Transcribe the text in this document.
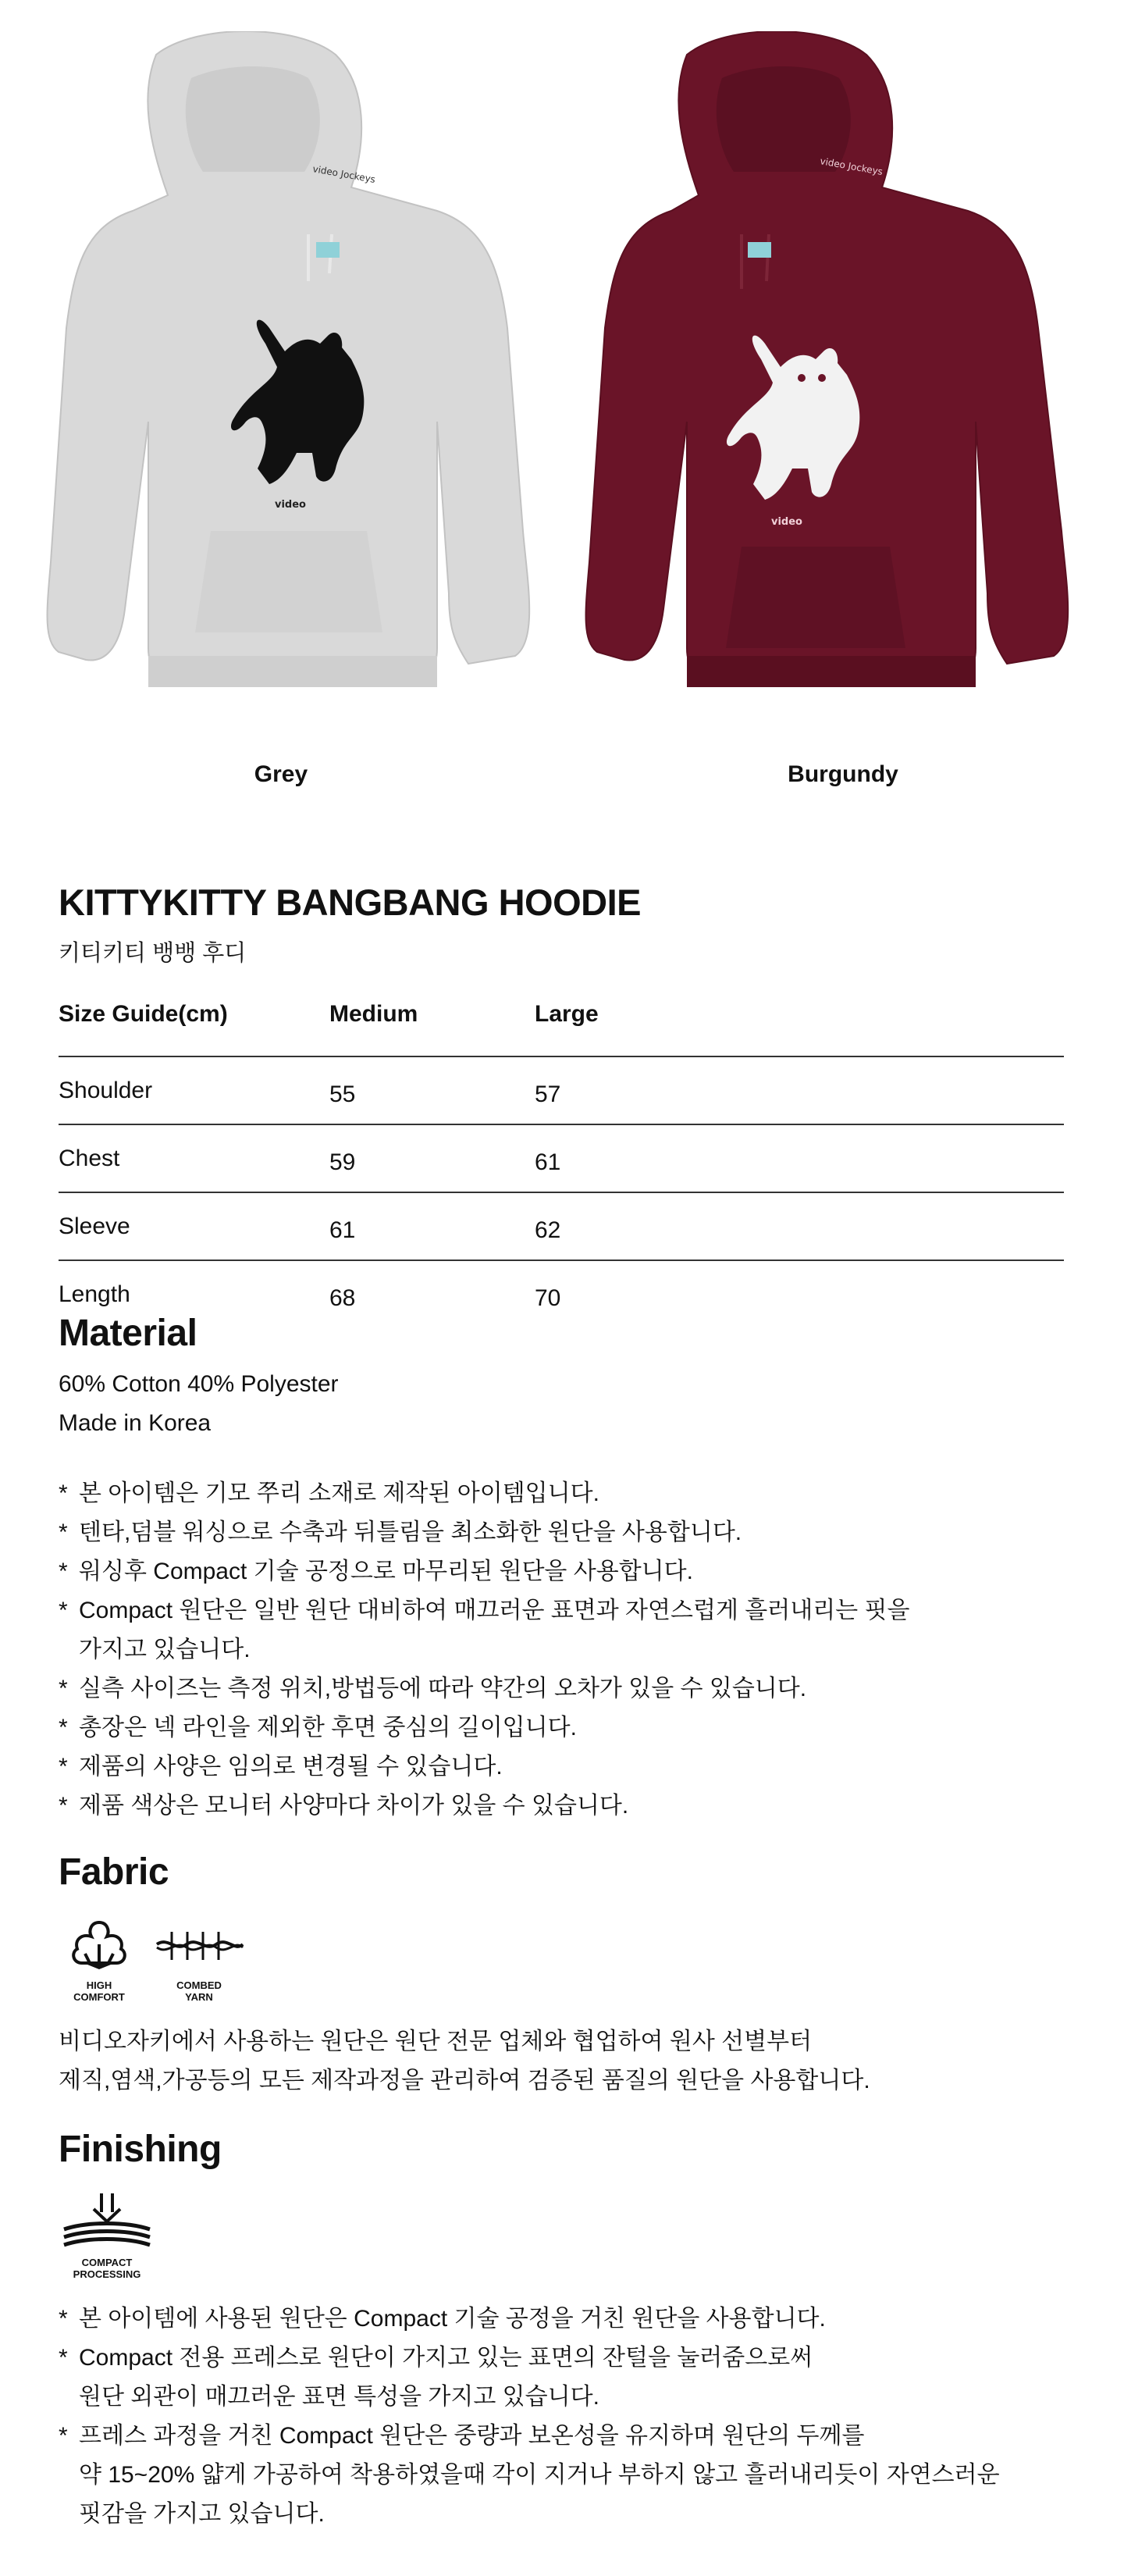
video Jockeys
video
Grey
video Jockeys
video
Burgundy
KITTYKITTY BANGBANG HOODIE
키티키티 뱅뱅 후디
Size Guide(cm)	Medium	Large
Shoulder	55	57
Chest	59	61
Sleeve	61	62
Length	68	70
Material
60% Cotton 40% Polyester
Made in Korea
* 본 아이템은 기모 쭈리 소재로 제작된 아이템입니다.
* 텐타,덤블 워싱으로 수축과 뒤틀림을 최소화한 원단을 사용합니다.
* 워싱후 Compact 기술 공정으로 마무리된 원단을 사용합니다.
* Compact 원단은 일반 원단 대비하여 매끄러운 표면과 자연스럽게 흘러내리는 핏을
가지고 있습니다.
* 실측 사이즈는 측정 위치,방법등에 따라 약간의 오차가 있을 수 있습니다.
* 총장은 넥 라인을 제외한 후면 중심의 길이입니다.
* 제품의 사양은 임의로 변경될 수 있습니다.
* 제품 색상은 모니터 사양마다 차이가 있을 수 있습니다.
Fabric
HIGH
COMFORT
COMBED
YARN

비디오자키에서 사용하는 원단은 원단 전문 업체와 협업하여 원사 선별부터
제직,염색,가공등의 모든 제작과정을 관리하여 검증된 품질의 원단을 사용합니다.

Finishing
COMPACT
PROCESSING
* 본 아이템에 사용된 원단은 Compact 기술 공정을 거친 원단을 사용합니다.
* Compact 전용 프레스로 원단이 가지고 있는 표면의 잔털을 눌러줌으로써
원단 외관이 매끄러운 표면 특성을 가지고 있습니다.
* 프레스 과정을 거친 Compact 원단은 중량과 보온성을 유지하며 원단의 두께를
약 15~20% 얇게 가공하여 착용하였을때 각이 지거나 부하지 않고 흘러내리듯이 자연스러운
핏감을 가지고 있습니다.
